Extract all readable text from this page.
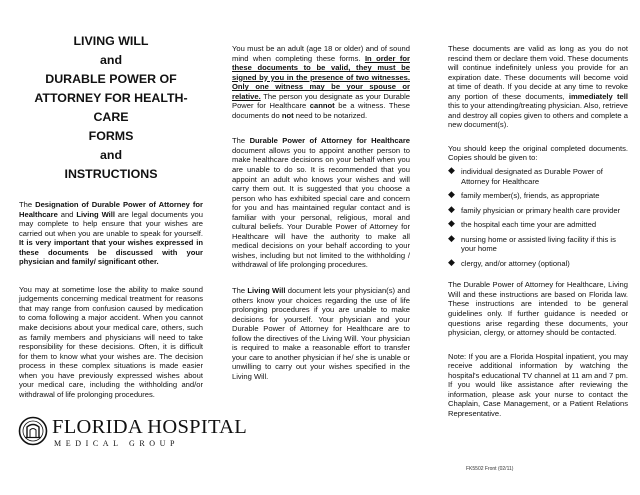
LIVING WILL
and
DURABLE POWER OF
ATTORNEY FOR HEALTH-
CARE
FORMS
and
INSTRUCTIONS

The Designation of Durable Power of Attorney for Healthcare and Living Will are legal documents you may complete to help ensure that your wishes are carried out when you are unable to speak for yourself. It is very important that your wishes expressed in these documents be discussed with your physician and family/ significant other.

You may at sometime lose the ability to make sound judgements concerning medical treatment for reasons that may range from confusion caused by medication to coma following a major accident. When you cannot make decisions about your medical care, others, such as family members and physicians will need to take responsibility for these decisions. Often, it is difficult for them to know what your wishes are. The decision process in these complex situations is made easier when you have previously expressed wishes about your medical care, including the withholding and/or withdrawal of life prolonging procedures.

You must be an adult (age 18 or older) and of sound mind when completing these forms. In order for these documents to be valid, they must be signed by you in the presence of two witnesses. Only one witness may be your spouse or relative. The person you designate as your Durable Power for Healthcare cannot be a witness. These documents do not need to be notarized.

The Durable Power of Attorney for Healthcare document allows you to appoint another person to make healthcare decisions on your behalf when you are unable to do so. It is recommended that you appoint an adult who knows your wishes and will carry them out. It is suggested that you choose a person who has exhibited special care and concern for you and has maintained regular contact and is familiar with your personal, religious, moral and cultural beliefs. Your Durable Power of Attorney for Healthcare will have the authority to make all medical decisions on your behalf according to your wishes, including but not limited to the withholding / withdrawal of life prolonging procedures.

The Living Will document lets your physician(s) and others know your choices regarding the use of life prolonging procedures if you are unable to make decisions for yourself. Your physician and your Durable Power of Attorney for Healthcare are to follow the directives of the Living Will. Your physician is required to make a reasonable effort to transfer your care to another physician if he/ she is unable or unwilling to carry out your wishes specified in the Living Will.

These documents are valid as long as you do not rescind them or declare them void. These documents will continue indefinitely unless you provide for an expiration date. These documents will become void at time of death. If you decide at any time to revoke any portion of these documents, immediately tell this to your attending/treating physician. Also, retrieve and destroy all copies given to others and complete a new document(s).

You should keep the original completed documents. Copies should be given to:

◆ individual designated as Durable Power of Attorney for Healthcare
◆ family member(s), friends, as appropriate
◆ family physician or primary health care provider
◆ the hospital each time your are admitted
◆ nursing home or assisted living facility if this is your home
◆ clergy, and/or attorney (optional)

The Durable Power of Attorney for Healthcare, Living Will and these instructions are based on Florida law. These instructions are intended to be general guidelines only. If further guidance is needed or questions arise regarding these documents, your physician, clergy, or attorney should be contacted.

Note: If you are a Florida Hospital inpatient, you may receive additional information by watching the hospital's educational TV channel at 11 am and 7 pm. If you would like assistance after reviewing the information, please ask your nurse to contact the Chaplain, Case Management, or a Patient Relations Representative.

FLORIDA HOSPITAL
MEDICAL GROUP
FK5502 Front (02/11)
